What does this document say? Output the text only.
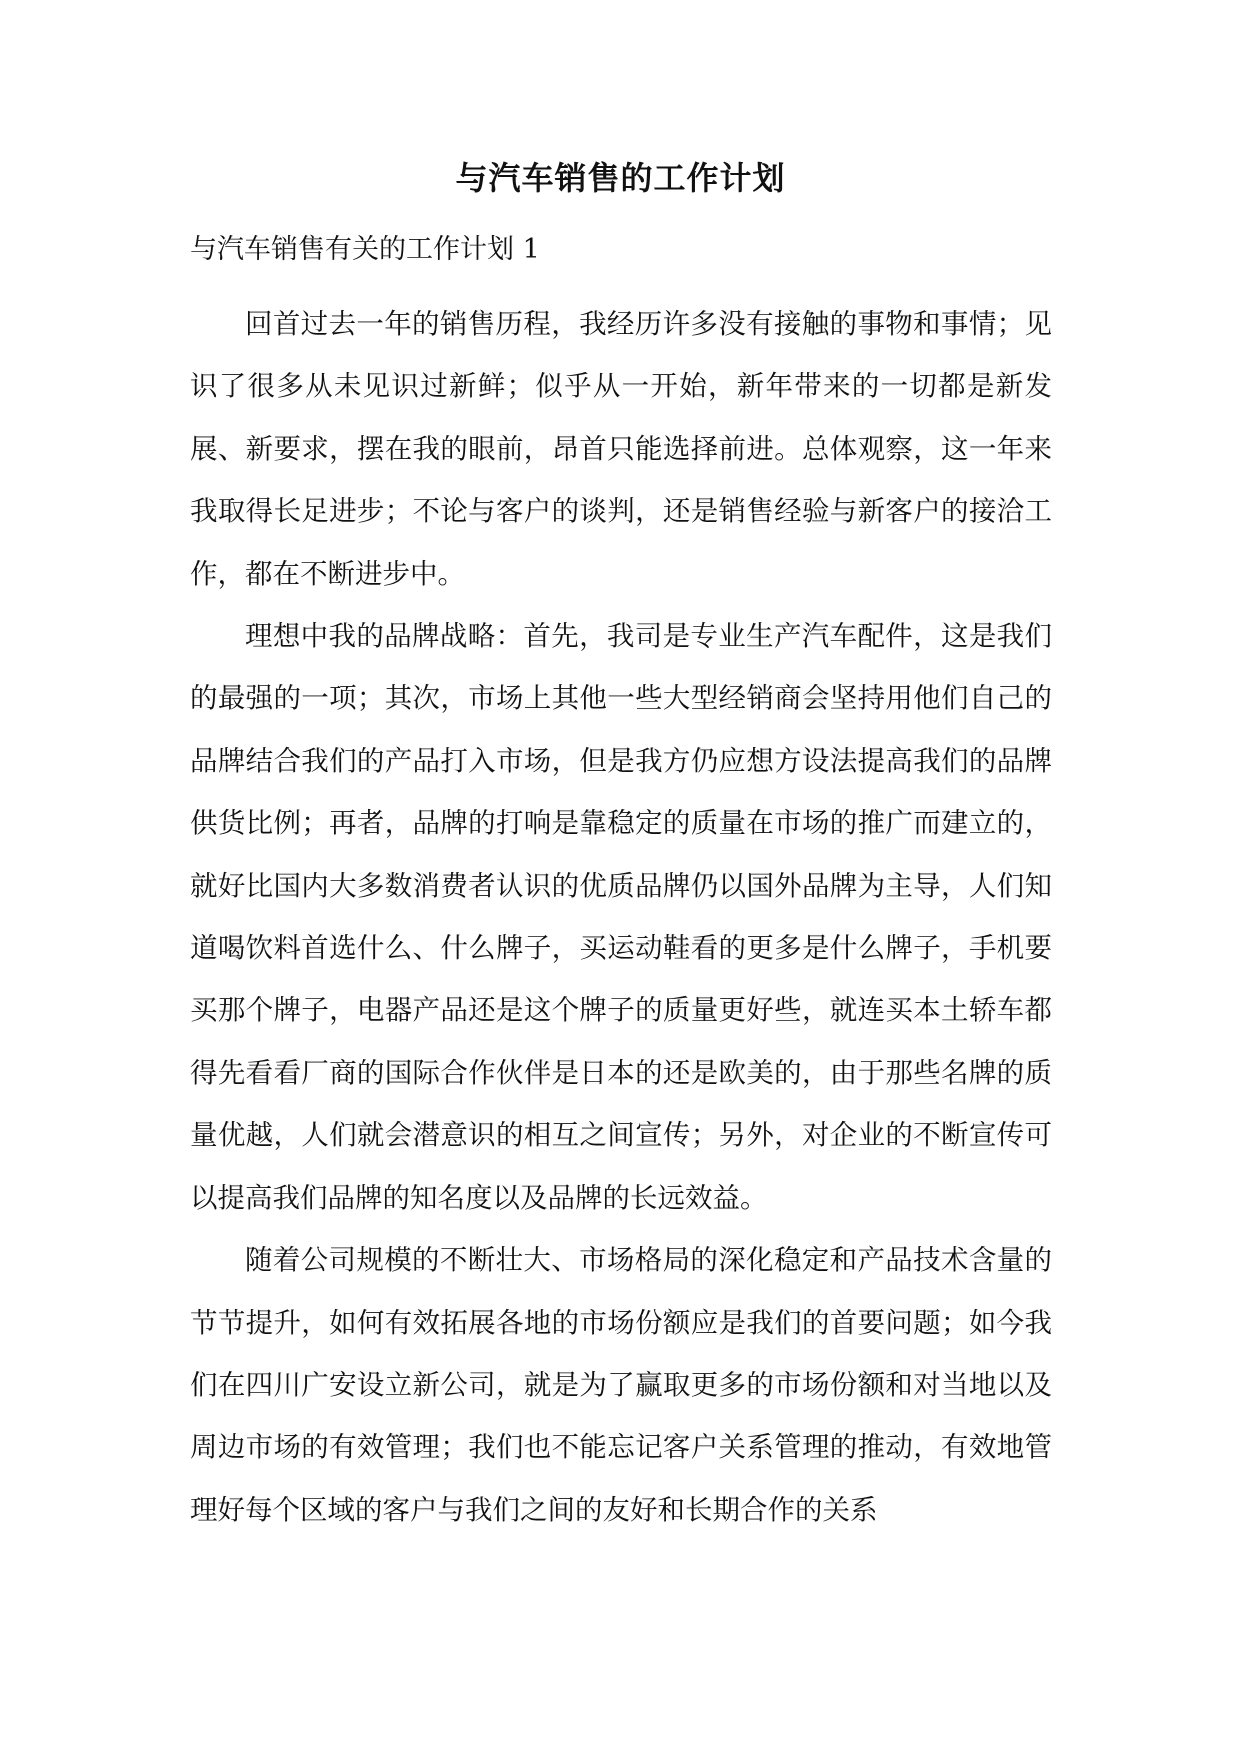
与汽车销售的工作计划
与汽车销售有关的工作计划 1

回首过去一年的销售历程，我经历许多没有接触的事物和事情；见识了很多从未见识过新鲜；似乎从一开始，新年带来的一切都是新发展、新要求，摆在我的眼前，昂首只能选择前进。总体观察，这一年来我取得长足进步；不论与客户的谈判，还是销售经验与新客户的接洽工作，都在不断进步中。

理想中我的品牌战略：首先，我司是专业生产汽车配件，这是我们的最强的一项；其次，市场上其他一些大型经销商会坚持用他们自己的品牌结合我们的产品打入市场，但是我方仍应想方设法提高我们的品牌供货比例；再者，品牌的打响是靠稳定的质量在市场的推广而建立的，就好比国内大多数消费者认识的优质品牌仍以国外品牌为主导，人们知道喝饮料首选什么、什么牌子，买运动鞋看的更多是什么牌子，手机要买那个牌子，电器产品还是这个牌子的质量更好些，就连买本土轿车都得先看看厂商的国际合作伙伴是日本的还是欧美的，由于那些名牌的质量优越，人们就会潜意识的相互之间宣传；另外，对企业的不断宣传可以提高我们品牌的知名度以及品牌的长远效益。

随着公司规模的不断壮大、市场格局的深化稳定和产品技术含量的节节提升，如何有效拓展各地的市场份额应是我们的首要问题；如今我们在四川广安设立新公司，就是为了赢取更多的市场份额和对当地以及周边市场的有效管理；我们也不能忘记客户关系管理的推动，有效地管理好每个区域的客户与我们之间的友好和长期合作的关系
